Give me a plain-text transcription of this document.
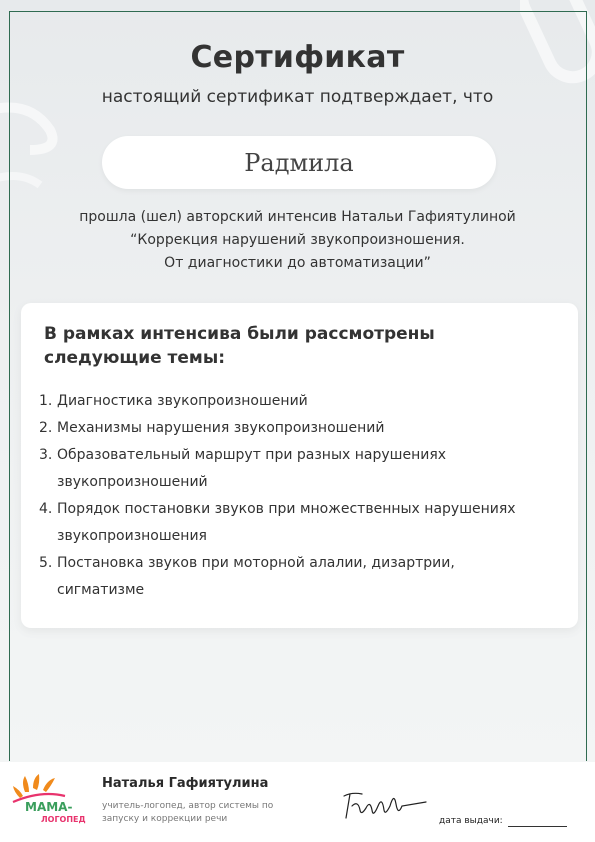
Сертификат
настоящий сертификат подтверждает, что
Радмила
прошла (шел) авторский интенсив Натальи Гафиятулиной
“Коррекция нарушений звукопроизношения.
От диагностики до автоматизации”
В рамках интенсива были рассмотрены
следующие темы:
1. Диагностика звукопроизношений
2. Механизмы нарушения звукопроизношений
3. Образовательный маршрут при разных нарушениях
звукопроизношений
4. Порядок постановки звуков при множественных нарушениях
звукопроизношения
5. Постановка звуков при моторной алалии, дизартрии,
сигматизме
МАМА-
ЛОГОПЕД
Наталья Гафиятулина
учитель-логопед, автор системы по
запуску и коррекции речи	дата выдачи:
